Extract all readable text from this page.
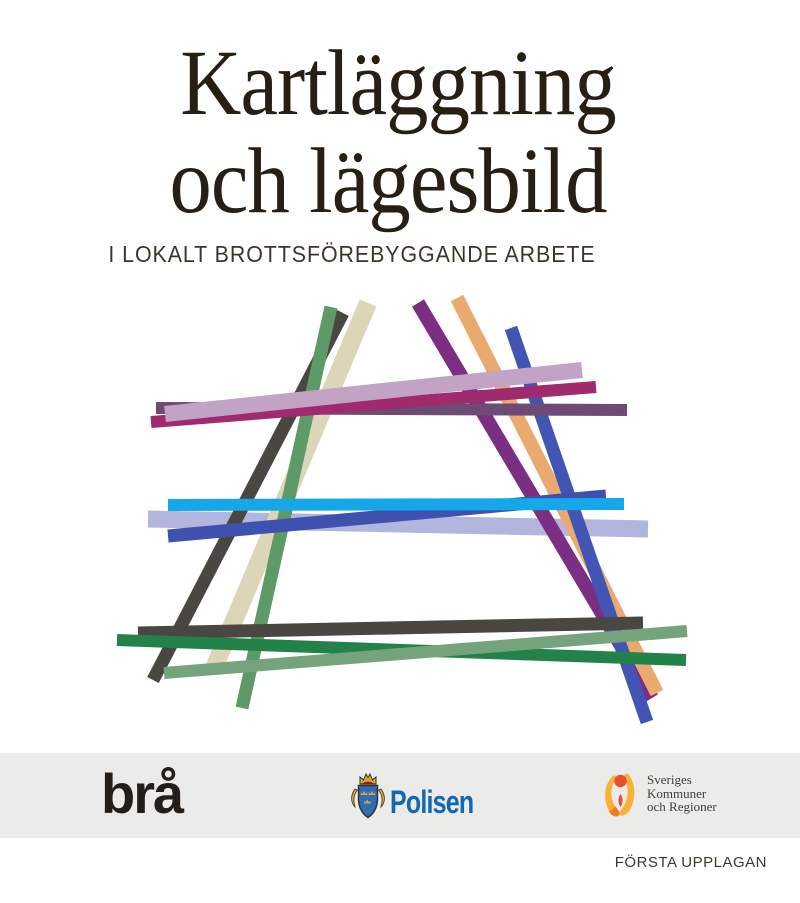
Kartläggning
och lägesbild
I LOKALT BROTTSFÖREBYGGANDE ARBETE
brå	Polisen
Sveriges
Kommuner
och Regioner
FÖRSTA UPPLAGAN
